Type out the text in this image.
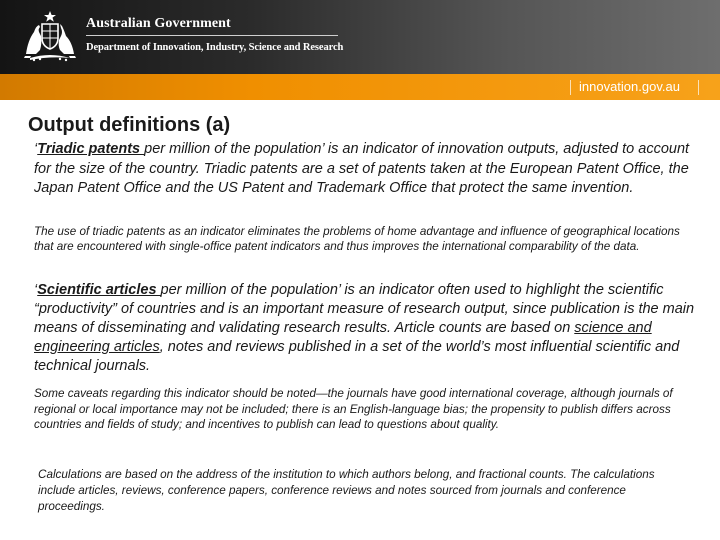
Australian Government
Department of Innovation, Industry, Science and Research
innovation.gov.au
Output definitions (a)

‘Triadic patents per million of the population’ is an indicator of innovation outputs, adjusted to account for the size of the country. Triadic patents are a set of patents taken at the European Patent Office, the Japan Patent Office and the US Patent and Trademark Office that protect the same invention.

The use of triadic patents as an indicator eliminates the problems of home advantage and influence of geographical locations that are encountered with single-office patent indicators and thus improves the international comparability of the data.

‘Scientific articles per million of the population’ is an indicator often used to highlight the scientific “productivity” of countries and is an important measure of research output, since publication is the main means of disseminating and validating research results. Article counts are based on science and engineering articles, notes and reviews published in a set of the world’s most influential scientific and technical journals.

Some caveats regarding this indicator should be noted—the journals have good international coverage, although journals of regional or local importance may not be included; there is an English-language bias; the propensity to publish differs across countries and fields of study; and incentives to publish can lead to questions about quality.

Calculations are based on the address of the institution to which authors belong, and fractional counts. The calculations include articles, reviews, conference papers, conference reviews and notes sourced from journals and conference proceedings.
